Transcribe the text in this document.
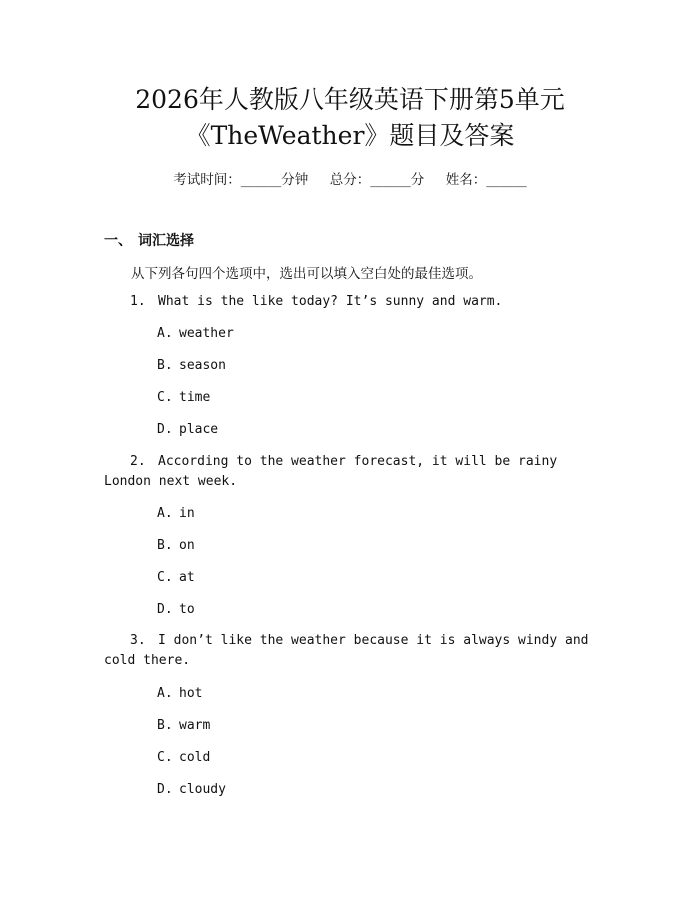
2026年人教版八年级英语下册第5单元
《TheWeather》题目及答案
考试时间：______分钟     总分：______分     姓名：______
一、 词汇选择
从下列各句四个选项中，选出可以填入空白处的最佳选项。
1. What is the like today? It’s sunny and warm.
A. weather
B. season
C. time
D. place
2. According to the weather forecast, it will be rainy London next week.
A. in
B. on
C. at
D. to
3. I don’t like the weather because it is always windy and cold there.
A. hot
B. warm
C. cold
D. cloudy
